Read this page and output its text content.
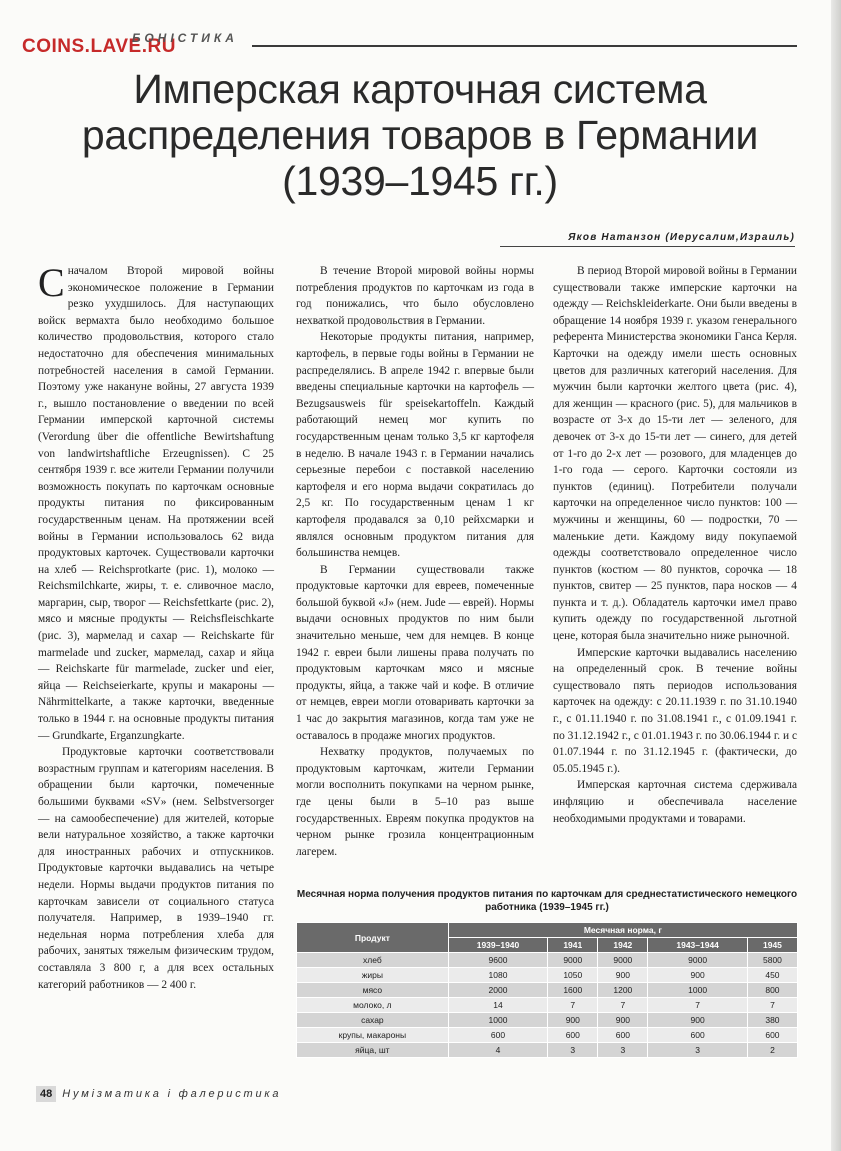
COINS.LAVE.RU
БОНІСТИКА
Имперская карточная система
распределения товаров в Германии
(1939–1945 гг.)
Яков Натанзон (Иерусалим,Израиль)

Сначалом Второй мировой войны экономическое положение в Германии резко ухудшилось. Для наступающих войск вермахта было необходимо большое количество продовольствия, которого стало недостаточно для обеспечения минимальных потребностей населения в самой Германии. Поэтому уже накануне войны, 27 августа 1939 г., вышло постановление о введении по всей Германии имперской карточной системы (Verordung über die offentliche Bewirtshaftung von landwirtshaftliche Erzeugnissen). С 25 сентября 1939 г. все жители Германии получили возможность покупать по карточкам основные продукты питания по фиксированным государственным ценам. На протяжении всей войны в Германии использовалось 62 вида продуктовых карточек. Существовали карточки на хлеб — Reichsprotkarte (рис. 1), молоко — Reichsmilchkarte, жиры, т. е. сливочное масло, маргарин, сыр, творог — Reichsfettkarte (рис. 2), мясо и мясные продукты — Reichsfleischkarte (рис. 3), мармелад и сахар — Reichskarte für marmelade und zucker, мармелад, сахар и яйца — Reichskarte für marmelade, zucker und eier, яйца — Reichseierkarte, крупы и макароны — Nährmittelkarte, а также карточки, введенные только в 1944 г. на основные продукты питания — Grundkarte, Erganzungkarte.

Продуктовые карточки соответствовали возрастным группам и категориям населения. В обращении были карточки, помеченные большими буквами «SV» (нем. Selbstversorger — на самообеспечение) для жителей, которые вели натуральное хозяйство, а также карточки для иностранных рабочих и отпускников. Продуктовые карточки выдавались на четыре недели. Нормы выдачи продуктов питания по карточкам зависели от социального статуса получателя. Например, в 1939–1940 гг. недельная норма потребления хлеба для рабочих, занятых тяжелым физическим трудом, составляла 3 800 г, а для всех остальных категорий работников — 2 400 г.

В течение Второй мировой войны нормы потребления продуктов по карточкам из года в год понижались, что было обусловлено нехваткой продовольствия в Германии.

Некоторые продукты питания, например, картофель, в первые годы войны в Германии не распределялись. В апреле 1942 г. впервые были введены специальные карточки на картофель — Bezugsausweis für speisekartoffeln. Каждый работающий немец мог купить по государственным ценам только 3,5 кг картофеля в неделю. В начале 1943 г. в Германии начались серьезные перебои с поставкой населению картофеля и его норма выдачи сократилась до 2,5 кг. По государственным ценам 1 кг картофеля продавался за 0,10 рейхсмарки и являлся основным продуктом питания для большинства немцев.

В Германии существовали также продуктовые карточки для евреев, помеченные большой буквой «J» (нем. Jude — еврей). Нормы выдачи основных продуктов по ним были значительно меньше, чем для немцев. В конце 1942 г. евреи были лишены права получать по продуктовым карточкам мясо и мясные продукты, яйца, а также чай и кофе. В отличие от немцев, евреи могли отоваривать карточки за 1 час до закрытия магазинов, когда там уже не оставалось в продаже многих продуктов.

Нехватку продуктов, получаемых по продуктовым карточкам, жители Германии могли восполнить покупками на черном рынке, где цены были в 5–10 раз выше государственных. Евреям покупка продуктов на черном рынке грозила концентрационным лагерем.

В период Второй мировой войны в Германии существовали также имперские карточки на одежду — Reichskleiderkarte. Они были введены в обращение 14 ноября 1939 г. указом генерального референта Министерства экономики Ганса Керля. Карточки на одежду имели шесть основных цветов для различных категорий населения. Для мужчин были карточки желтого цвета (рис. 4), для женщин — красного (рис. 5), для мальчиков в возрасте от 3-х до 15-ти лет — зеленого, для девочек от 3-х до 15-ти лет — синего, для детей от 1-го до 2-х лет — розового, для младенцев до 1-го года — серого. Карточки состояли из пунктов (единиц). Потребители получали карточки на определенное число пунктов: 100 — мужчины и женщины, 60 — подростки, 70 — маленькие дети. Каждому виду покупаемой одежды соответствовало определенное число пунктов (костюм — 80 пунктов, сорочка — 18 пунктов, свитер — 25 пунктов, пара носков — 4 пункта и т. д.). Обладатель карточки имел право купить одежду по государственной льготной цене, которая была значительно ниже рыночной.

Имперские карточки выдавались населению на определенный срок. В течение войны существовало пять периодов использования карточек на одежду: с 20.11.1939 г. по 31.10.1940 г., с 01.11.1940 г. по 31.08.1941 г., с 01.09.1941 г. по 31.12.1942 г., с 01.01.1943 г. по 30.06.1944 г. и с 01.07.1944 г. по 31.12.1945 г. (фактически, до 05.05.1945 г.).

Имперская карточная система сдерживала инфляцию и обеспечивала население необходимыми продуктами и товарами.

Месячная норма получения продуктов питания по карточкам для среднестатистического немецкого работника (1939–1945 гг.)
Продукт	Месячная норма, г				
	1939–1940	1941	1942	1943–1944	1945
хлеб	9600	9000	9000	9000	5800
жиры	1080	1050	900	900	450
мясо	2000	1600	1200	1000	800
молоко, л	14	7	7	7	7
сахар	1000	900	900	900	380
крупы, макароны	600	600	600	600	600
яйца, шт	4	3	3	3	2
48 Нумізматика і фалеристика
